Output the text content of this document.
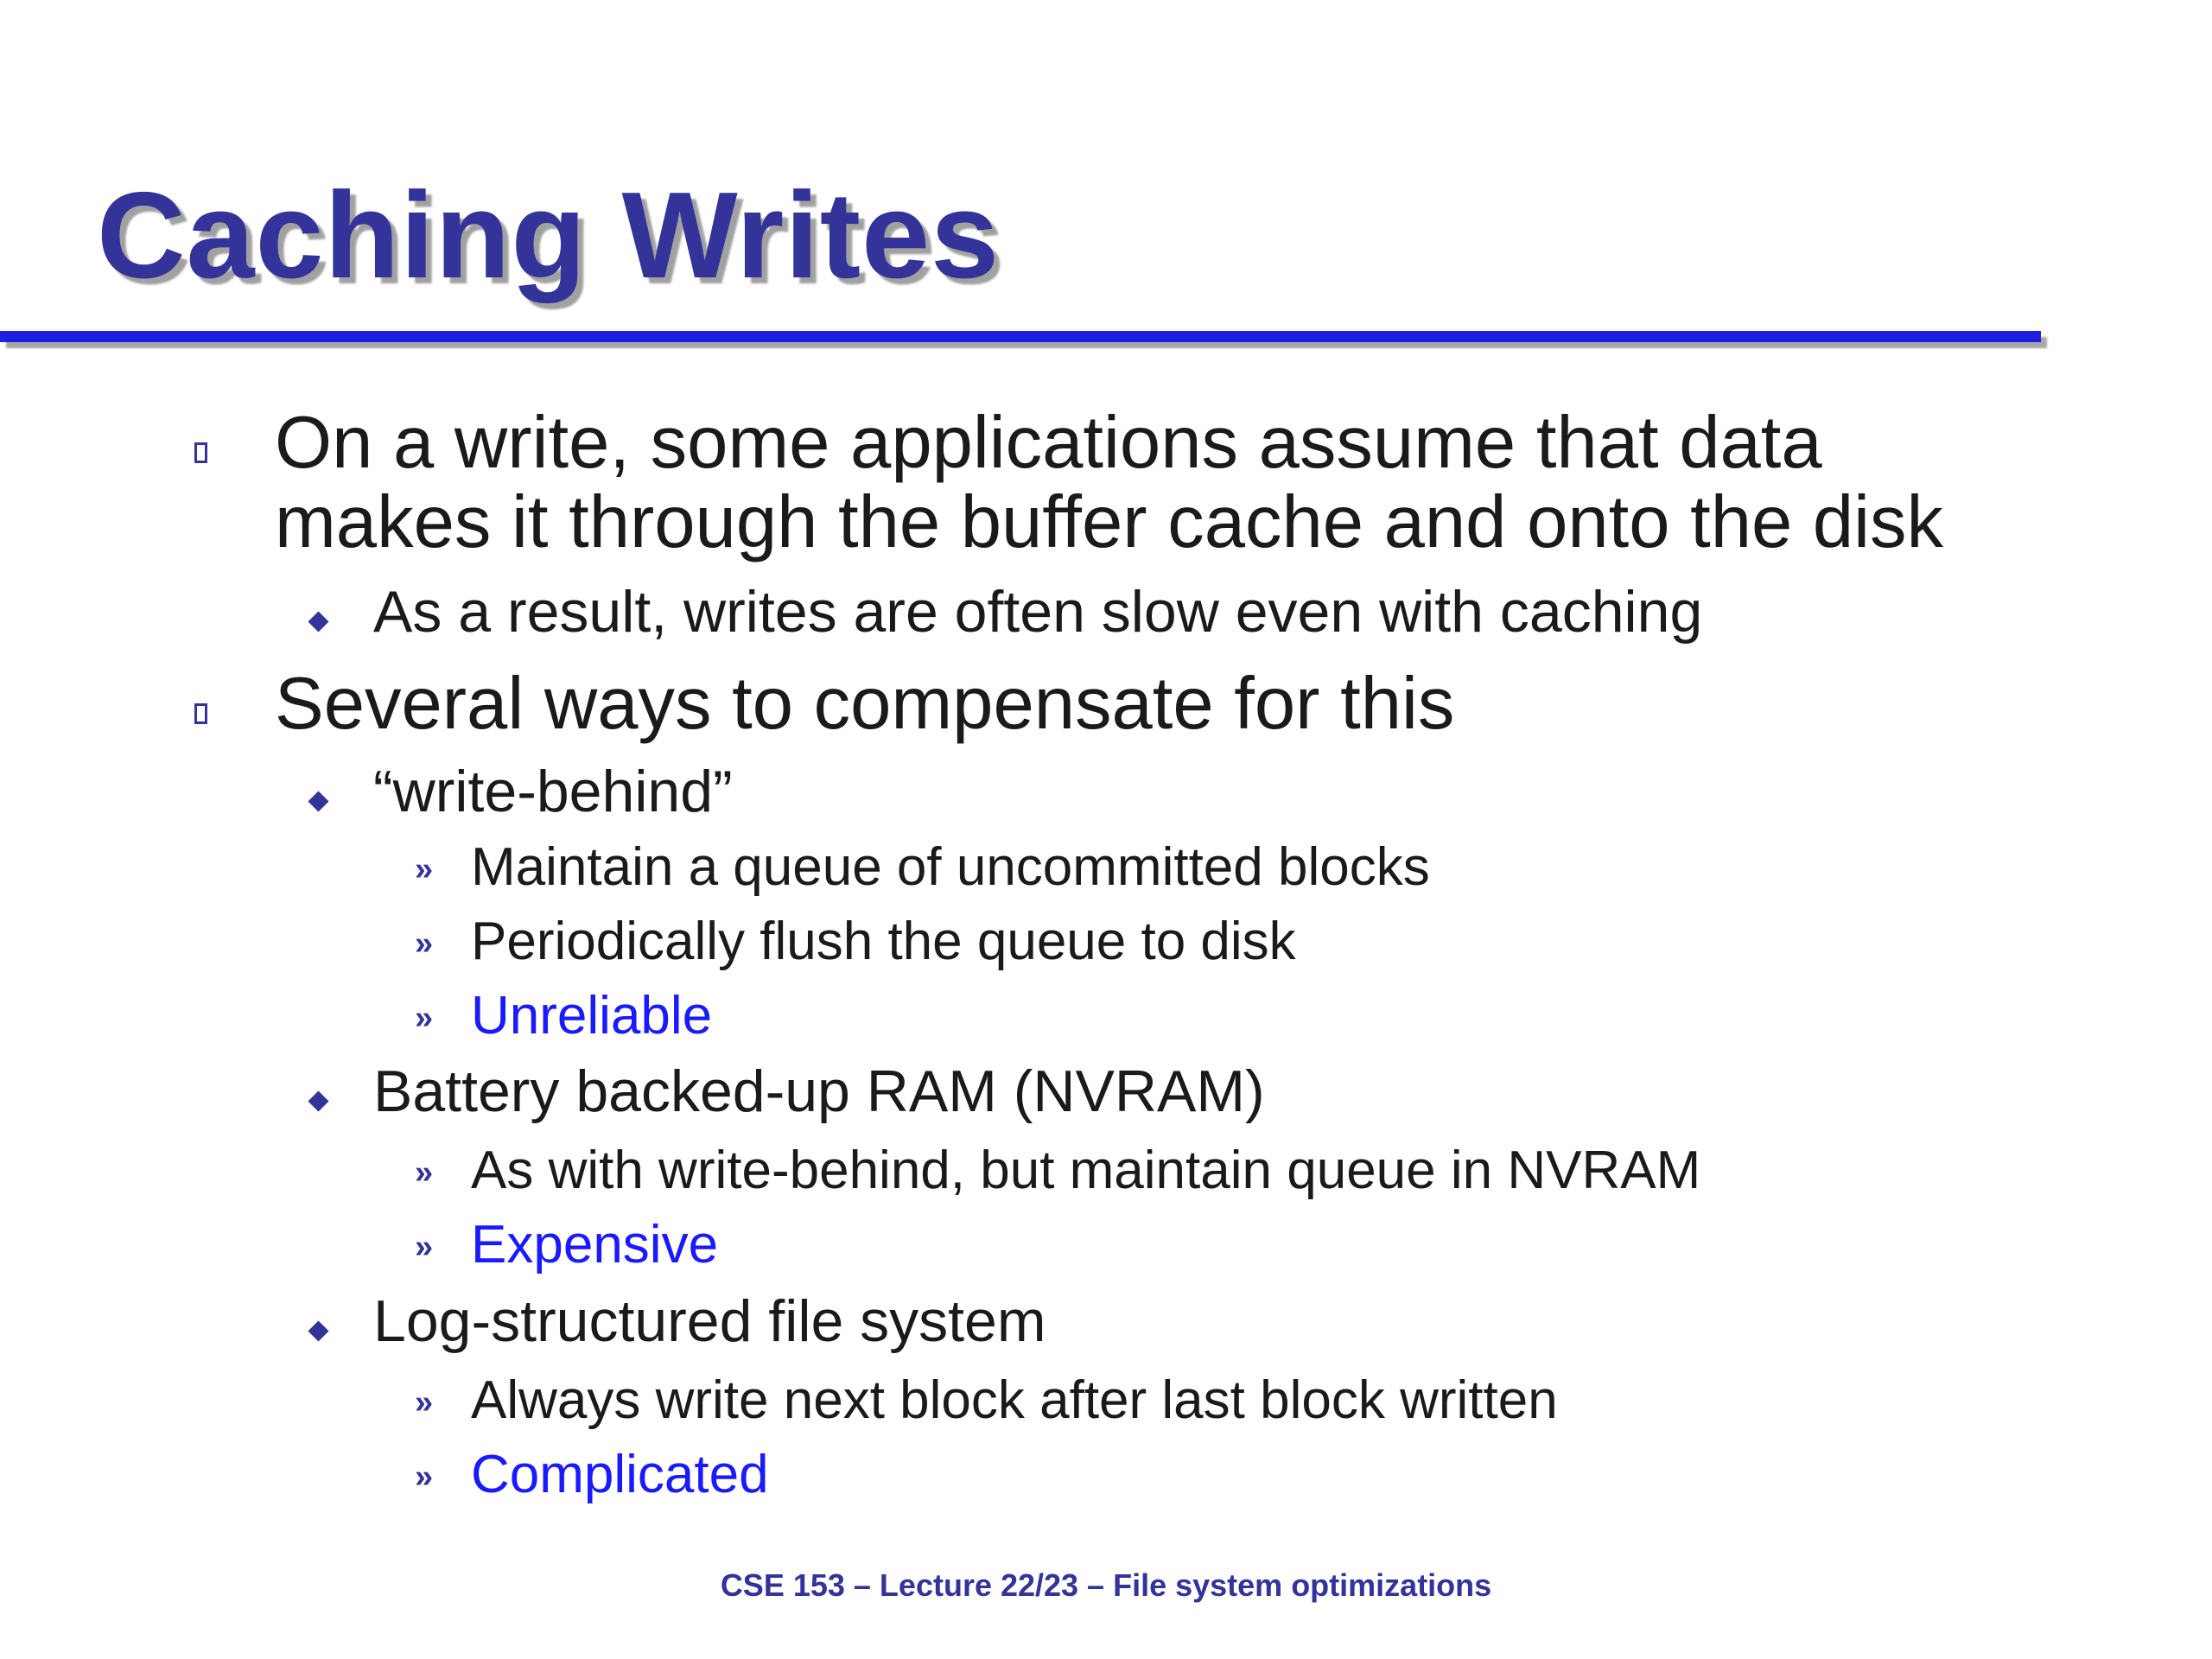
Caching Writes
On a write, some applications assume that data
makes it through the buffer cache and onto the disk
As a result, writes are often slow even with caching
Several ways to compensate for this
“write-behind”
» Maintain a queue of uncommitted blocks
» Periodically flush the queue to disk
» Unreliable
Battery backed-up RAM (NVRAM)
» As with write-behind, but maintain queue in NVRAM
» Expensive
Log-structured file system
» Always write next block after last block written
» Complicated
CSE 153 – Lecture 22/23 – File system optimizations
